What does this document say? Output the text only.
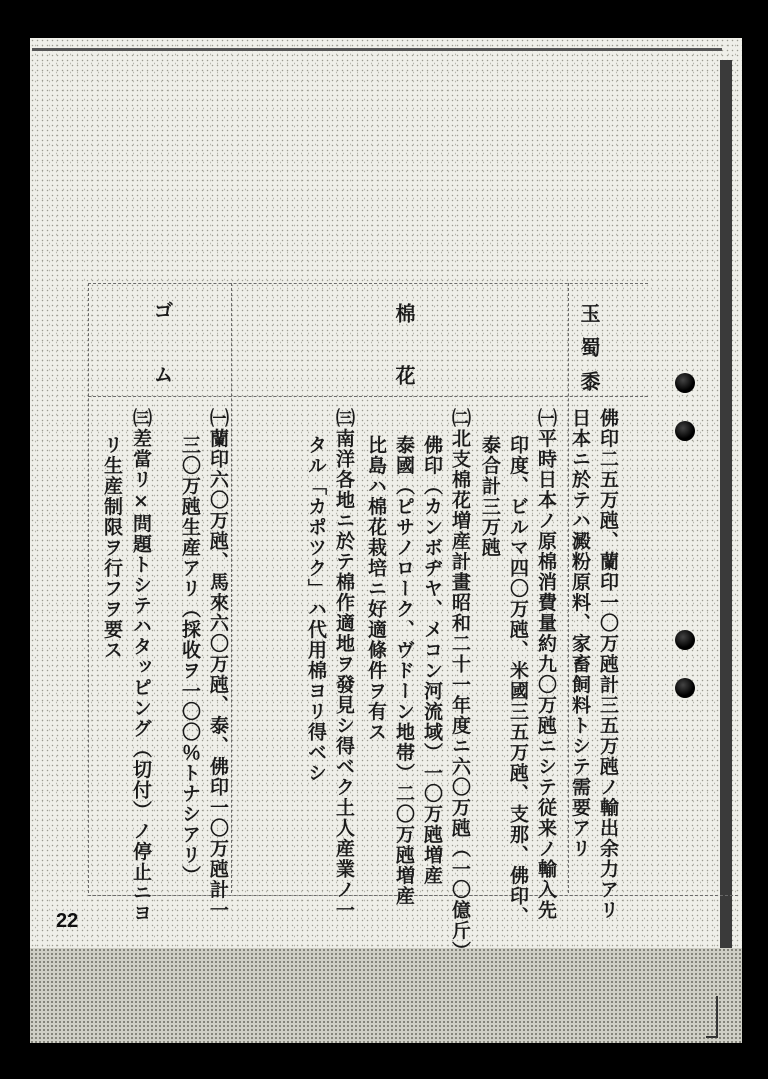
玉蜀黍
佛印二五万瓲、蘭印一〇万瓲計三五万瓲ノ輸出余力アリ
日本ニ於テハ澱粉原料、家畜飼料トシテ需要アリ
棉花
㈠平時日本ノ原棉消費量約九〇万瓲ニシテ従来ノ輸入先
印度、ビルマ四〇万瓲、米國三五万瓲、支那、佛印、
泰合計三万瓲
㈡北支棉花増産計畫昭和二十一年度ニ六〇万瓲（一〇億斤）
佛印（カンボヂヤ、メコン河流域）一〇万瓲増産
泰國（ピサノローク、ヴドーン地帯）二〇万瓲増産
比島ハ棉花栽培ニ好適條件ヲ有ス
㈢南洋各地ニ於テ棉作適地ヲ發見シ得ベク土人産業ノ一
タル「カポツク」ハ代用棉ヨリ得ベシ
ゴム
㈠蘭印六〇万瓲、馬來六〇万瓲、泰、佛印一〇万瓲計一
三〇万瓲生産アリ（採收ヲ一〇〇％トナシアリ）
㈢差當リ×問題トシテハタッピング（切付）ノ停止ニヨ
リ生産制限ヲ行フヲ要ス
22
